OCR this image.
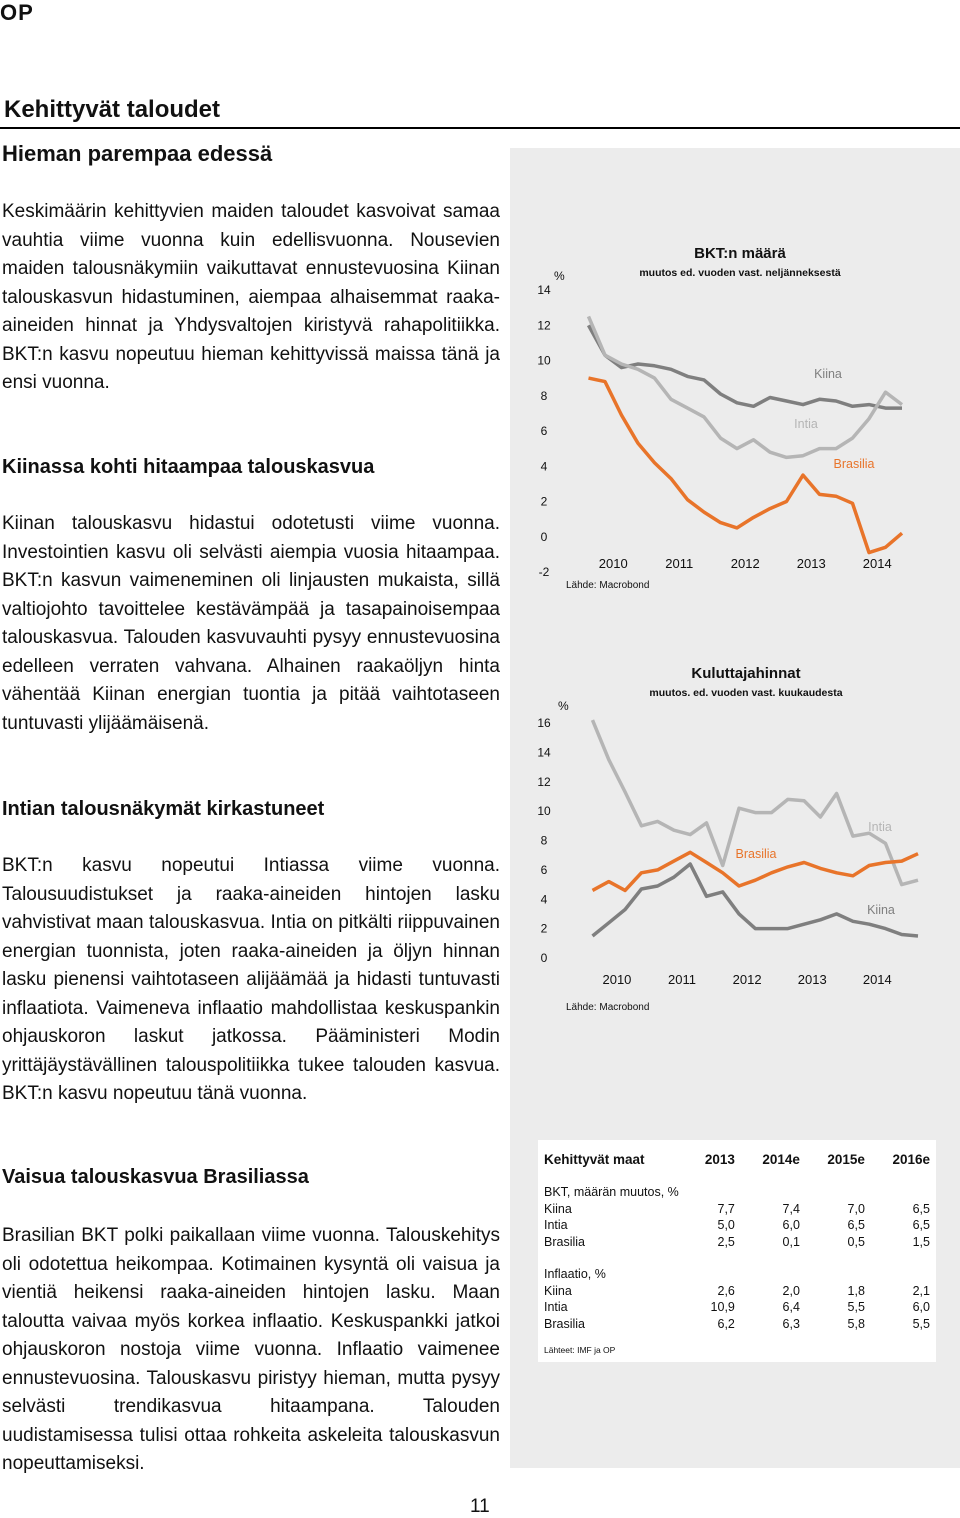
OP
Kehittyvät taloudet
Hieman parempaa edessä
Keskimäärin kehittyvien maiden taloudet kasvoivat samaa vauhtia viime vuonna kuin edellisvuonna. Nousevien maiden talousnäkymiin vaikuttavat ennustevuosina Kiinan talouskasvun hidastuminen, aiempaa alhaisemmat raaka-aineiden hinnat ja Yhdysvaltojen kiristyvä rahapolitiikka. BKT:n kasvu nopeutuu hieman kehittyvissä maissa tänä ja ensi vuonna.
Kiinassa kohti hitaampaa talouskasvua
Kiinan talouskasvu hidastui odotetusti viime vuonna. Investointien kasvu oli selvästi aiempia vuosia hitaampaa. BKT:n kasvun vaimeneminen oli linjausten mukaista, sillä valtiojohto tavoittelee kestävämpää ja tasapainoisempaa talouskasvua. Talouden kasvuvauhti pysyy ennustevuosina edelleen verraten vahvana. Alhainen raakaöljyn hinta vähentää Kiinan energian tuontia ja pitää vaihtotaseen tuntuvasti ylijäämäisenä.
Intian talousnäkymät kirkastuneet
BKT:n kasvu nopeutui Intiassa viime vuonna. Talousuudistukset ja raaka-aineiden hintojen lasku vahvistivat maan talouskasvua. Intia on pitkälti riippuvainen energian tuonnista, joten raaka-aineiden ja öljyn hinnan lasku pienensi vaihtotaseen alijäämää ja hidasti tuntuvasti inflaatiota. Vaimeneva inflaatio mahdollistaa keskuspankin ohjauskoron laskut jatkossa. Pääministeri Modin yrittäjäystävällinen talouspolitiikka tukee talouden kasvua. BKT:n kasvu nopeutuu tänä vuonna.
Vaisua talouskasvua Brasiliassa
Brasilian BKT polki paikallaan viime vuonna. Talouskehitys oli odotettua heikompaa. Kotimainen kysyntä oli vaisua ja vientiä heikensi raaka-aineiden hintojen lasku. Maan taloutta vaivaa myös korkea inflaatio. Keskuspankki jatkoi ohjauskoron nostoja viime vuonna. Inflaatio vaimenee ennustevuosina. Talouskasvu piristyy hieman, mutta pysyy selvästi trendikasvua hitaampana. Talouden uudistamisessa tulisi ottaa rohkeita askeleita talouskasvun nopeuttamiseksi.
BKT:n määrä
muutos ed. vuoden vast. neljänneksestä
%
14
12
10
8
6
4
2
0
-2
2010	2011	2012	2013	2014
Lähde: Macrobond
Kiina
Intia
Brasilia
Kuluttajahinnat
muutos. ed. vuoden vast. kuukaudesta
%
16
14
12
10
8
6
4
2
0
2010	2011	2012	2013	2014
Lähde: Macrobond
Intia
Brasilia
Kiina
Kehittyvät maat	2013	2014e	2015e	2016e
BKT, määrän muutos, %				
Kiina	7,7	7,4	7,0	6,5
Intia	5,0	6,0	6,5	6,5
Brasilia	2,5	0,1	0,5	1,5
Inflaatio, %				
Kiina	2,6	2,0	1,8	2,1
Intia	10,9	6,4	5,5	6,0
Brasilia	6,2	6,3	5,8	5,5
Lähteet: IMF ja OP				
11
